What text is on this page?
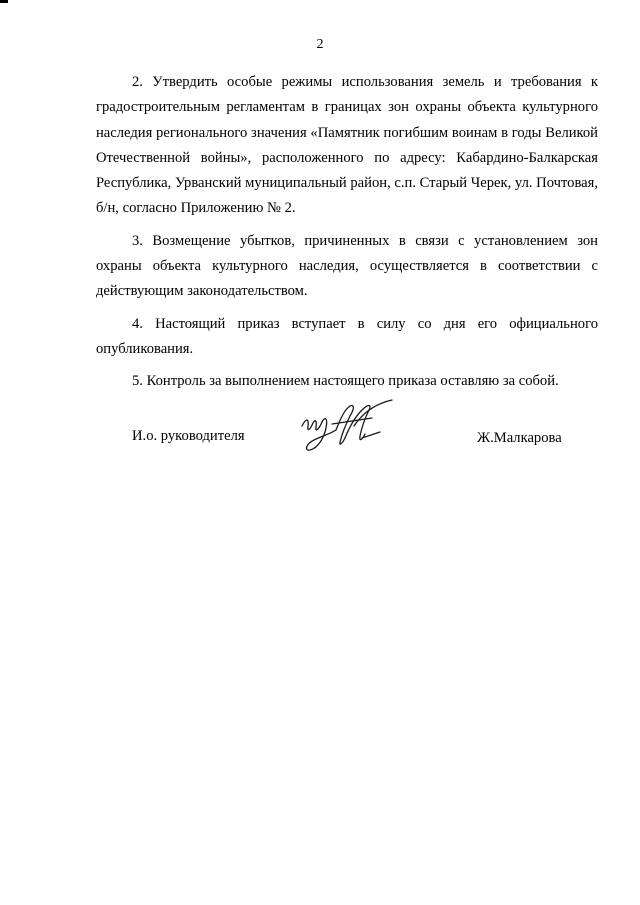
2

2. Утвердить особые режимы использования земель и требования к градостроительным регламентам в границах зон охраны объекта культурного наследия регионального значения «Памятник погибшим воинам в годы Великой Отечественной войны», расположенного по адресу: Кабардино-Балкарская Республика, Урванский муниципальный район, с.п. Старый Черек, ул. Почтовая, б/н, согласно Приложению № 2.

3. Возмещение убытков, причиненных в связи с установлением зон охраны объекта культурного наследия, осуществляется в соответствии с действующим законодательством.

4. Настоящий приказ вступает в силу со дня его официального опубликования.

5. Контроль за выполнением настоящего приказа оставляю за собой.

И.о. руководителя	Ж.Малкарова
